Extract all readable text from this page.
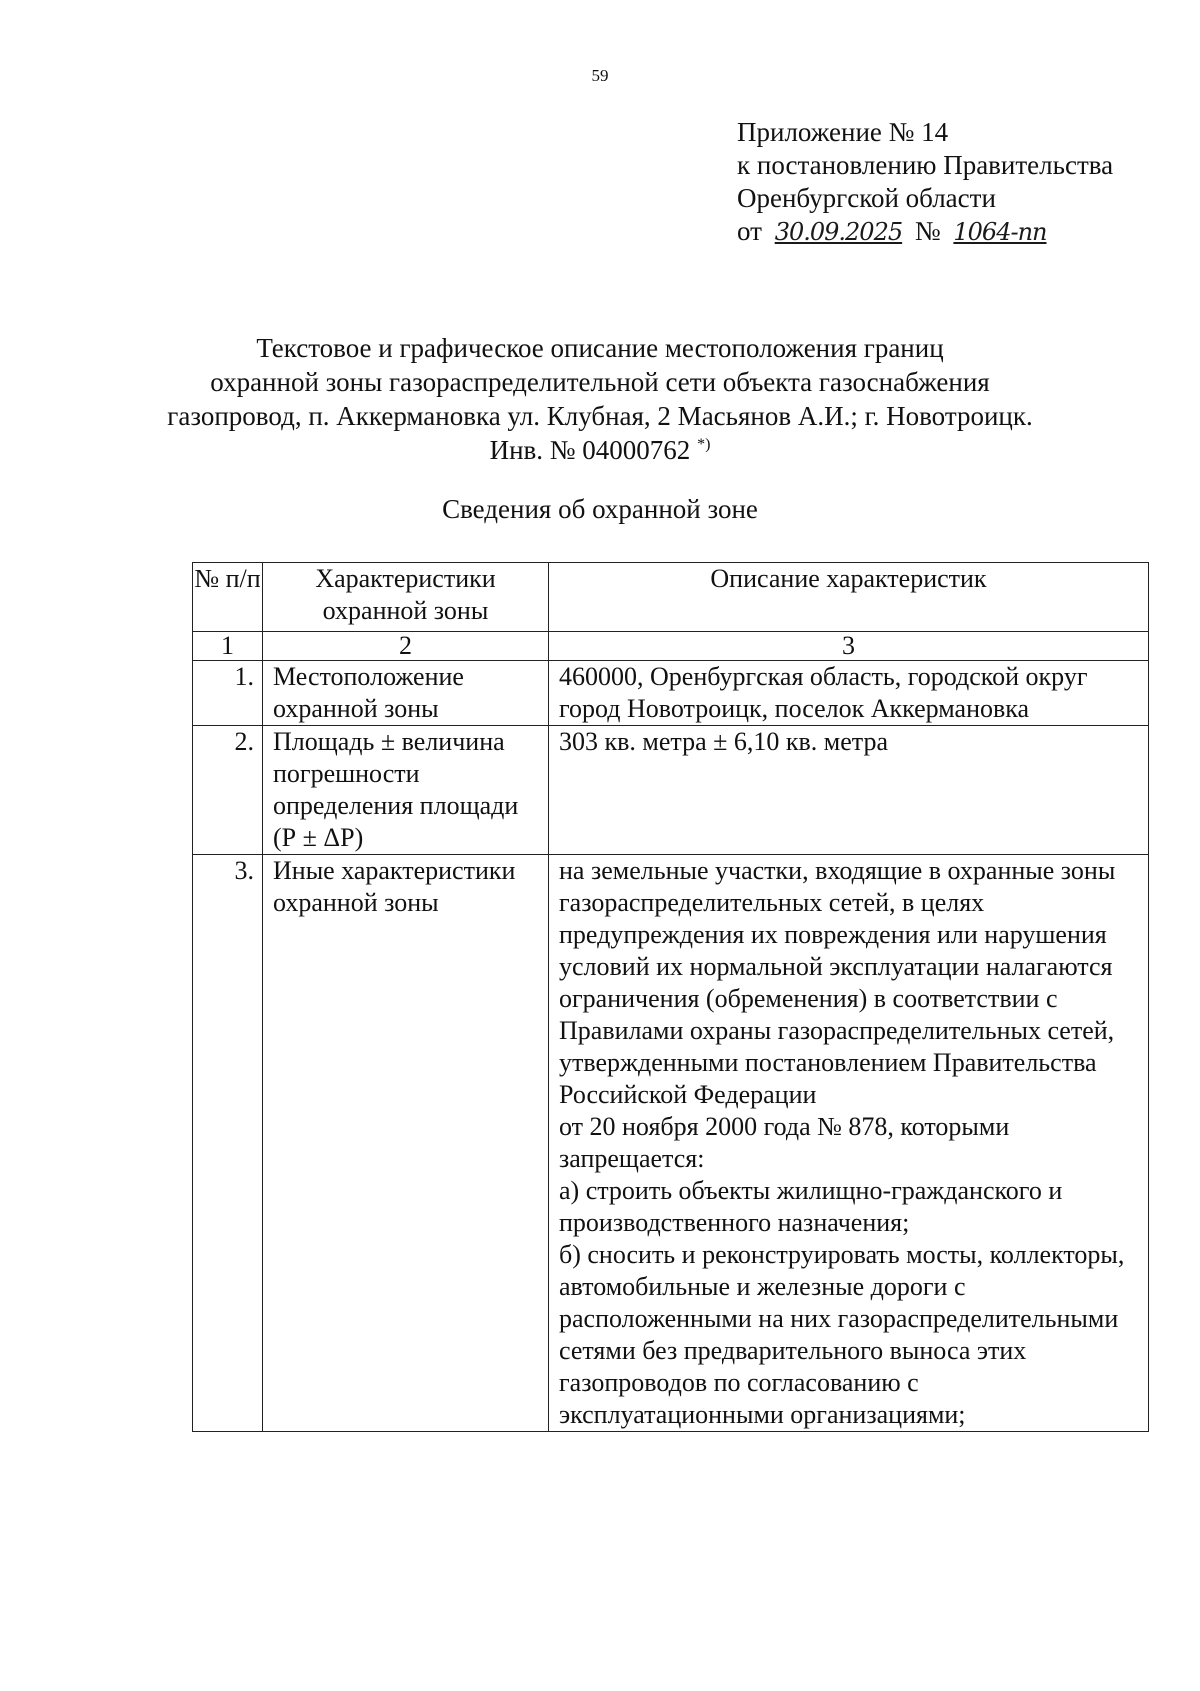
59
Приложение № 14
к постановлению Правительства
Оренбургской области
от 30.09.2025 № 1064-пп
Текстовое и графическое описание местоположения границ
охранной зоны газораспределительной сети объекта газоснабжения
газопровод, п. Аккермановка ул. Клубная, 2 Масьянов А.И.; г. Новотроицк.
Инв. № 04000762 *)
Сведения об охранной зоне
№ п/п	Характеристики охранной зоны	Описание характеристик
1	2	3
1.	Местоположение охранной зоны	460000, Оренбургская область, городской округ город Новотроицк, поселок Аккермановка

2.	Площадь ± величина погрешности определения площади (Р ± ΔР)	303 кв. метра ± 6,10 кв. метра

3.	Иные характеристики охранной зоны	на земельные участки, входящие в охранные зоны газораспределительных сетей, в целях предупреждения их повреждения или нарушения условий их нормальной эксплуатации налагаются ограничения (обременения) в соответствии с Правилами охраны газораспределительных сетей, утвержденными постановлением Правительства Российской Федерации
от 20 ноября 2000 года № 878, которыми запрещается:
а) строить объекты жилищно-гражданского и производственного назначения;
б) сносить и реконструировать мосты, коллекторы, автомобильные и железные дороги с расположенными на них газораспределительными сетями без предварительного выноса этих газопроводов по согласованию с эксплуатационными организациями;
